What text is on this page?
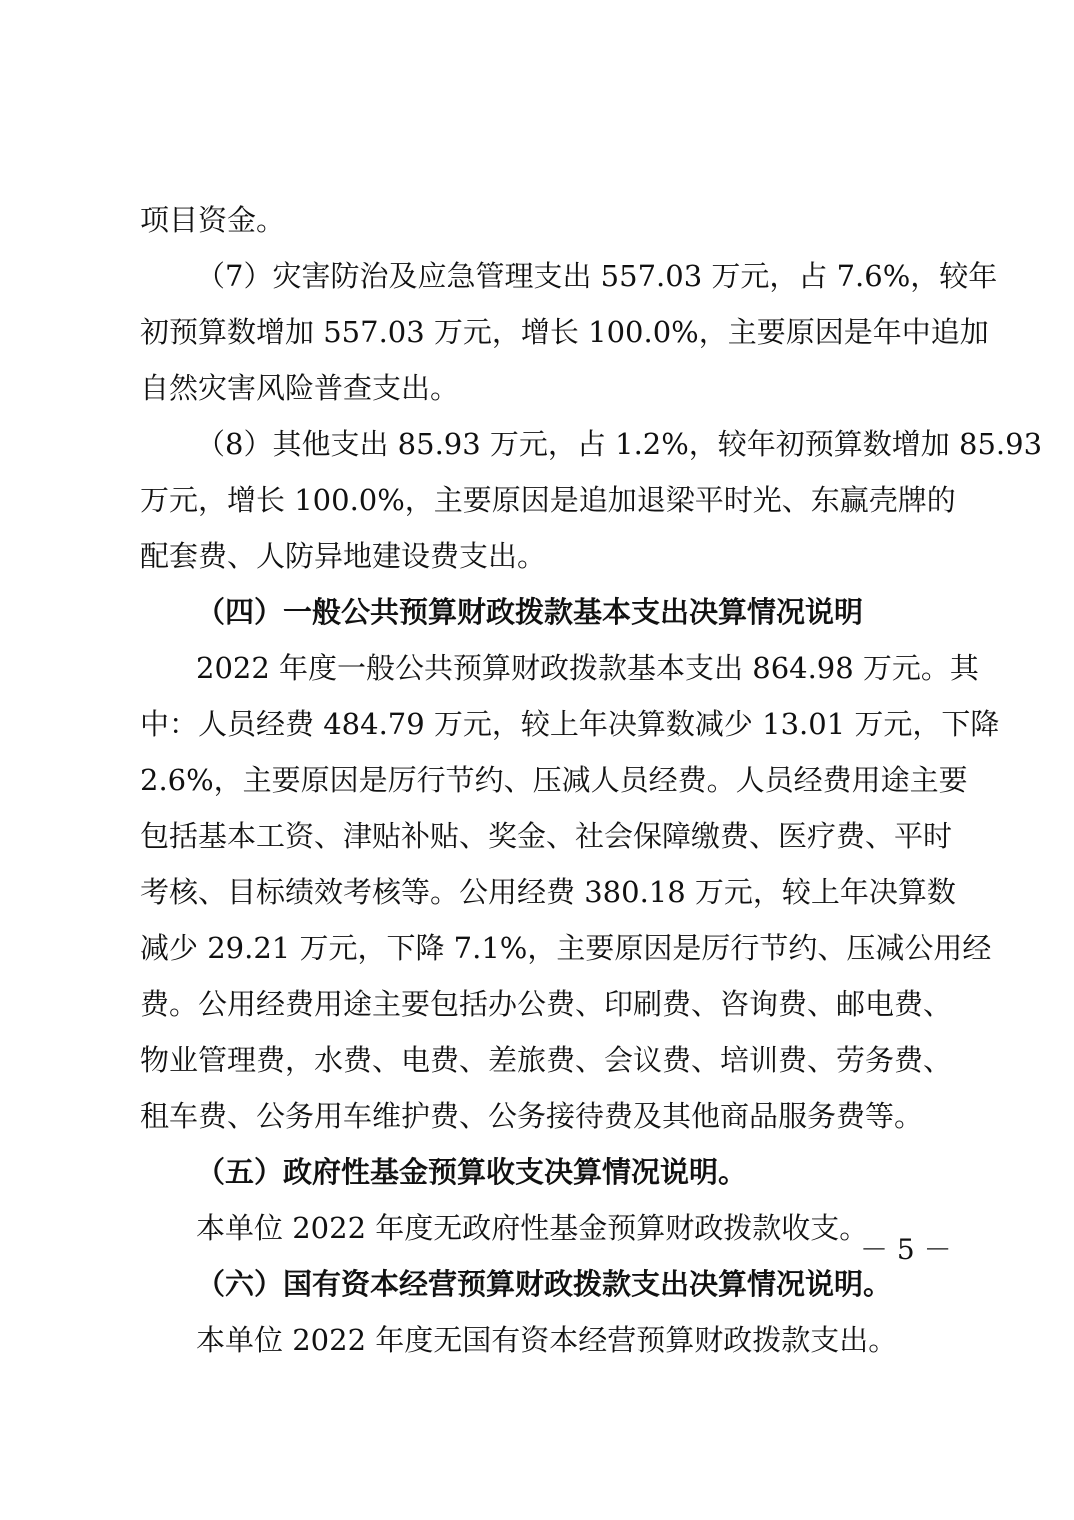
项目资金。
（7）灾害防治及应急管理支出 557.03 万元，占 7.6%，较年
初预算数增加 557.03 万元，增长 100.0%，主要原因是年中追加
自然灾害风险普查支出。
（8）其他支出 85.93 万元，占 1.2%，较年初预算数增加 85.93
万元，增长 100.0%，主要原因是追加退梁平时光、东赢壳牌的
配套费、人防异地建设费支出。
（四）一般公共预算财政拨款基本支出决算情况说明
2022 年度一般公共预算财政拨款基本支出 864.98 万元。其
中：人员经费 484.79 万元，较上年决算数减少 13.01 万元，下降
2.6%，主要原因是厉行节约、压减人员经费。人员经费用途主要
包括基本工资、津贴补贴、奖金、社会保障缴费、医疗费、平时
考核、目标绩效考核等。公用经费 380.18 万元，较上年决算数
减少 29.21 万元，下降 7.1%，主要原因是厉行节约、压减公用经
费。公用经费用途主要包括办公费、印刷费、咨询费、邮电费、
物业管理费，水费、电费、差旅费、会议费、培训费、劳务费、
租车费、公务用车维护费、公务接待费及其他商品服务费等。
（五）政府性基金预算收支决算情况说明。
本单位 2022 年度无政府性基金预算财政拨款收支。
（六）国有资本经营预算财政拨款支出决算情况说明。
本单位 2022 年度无国有资本经营预算财政拨款支出。
－ 5 －
